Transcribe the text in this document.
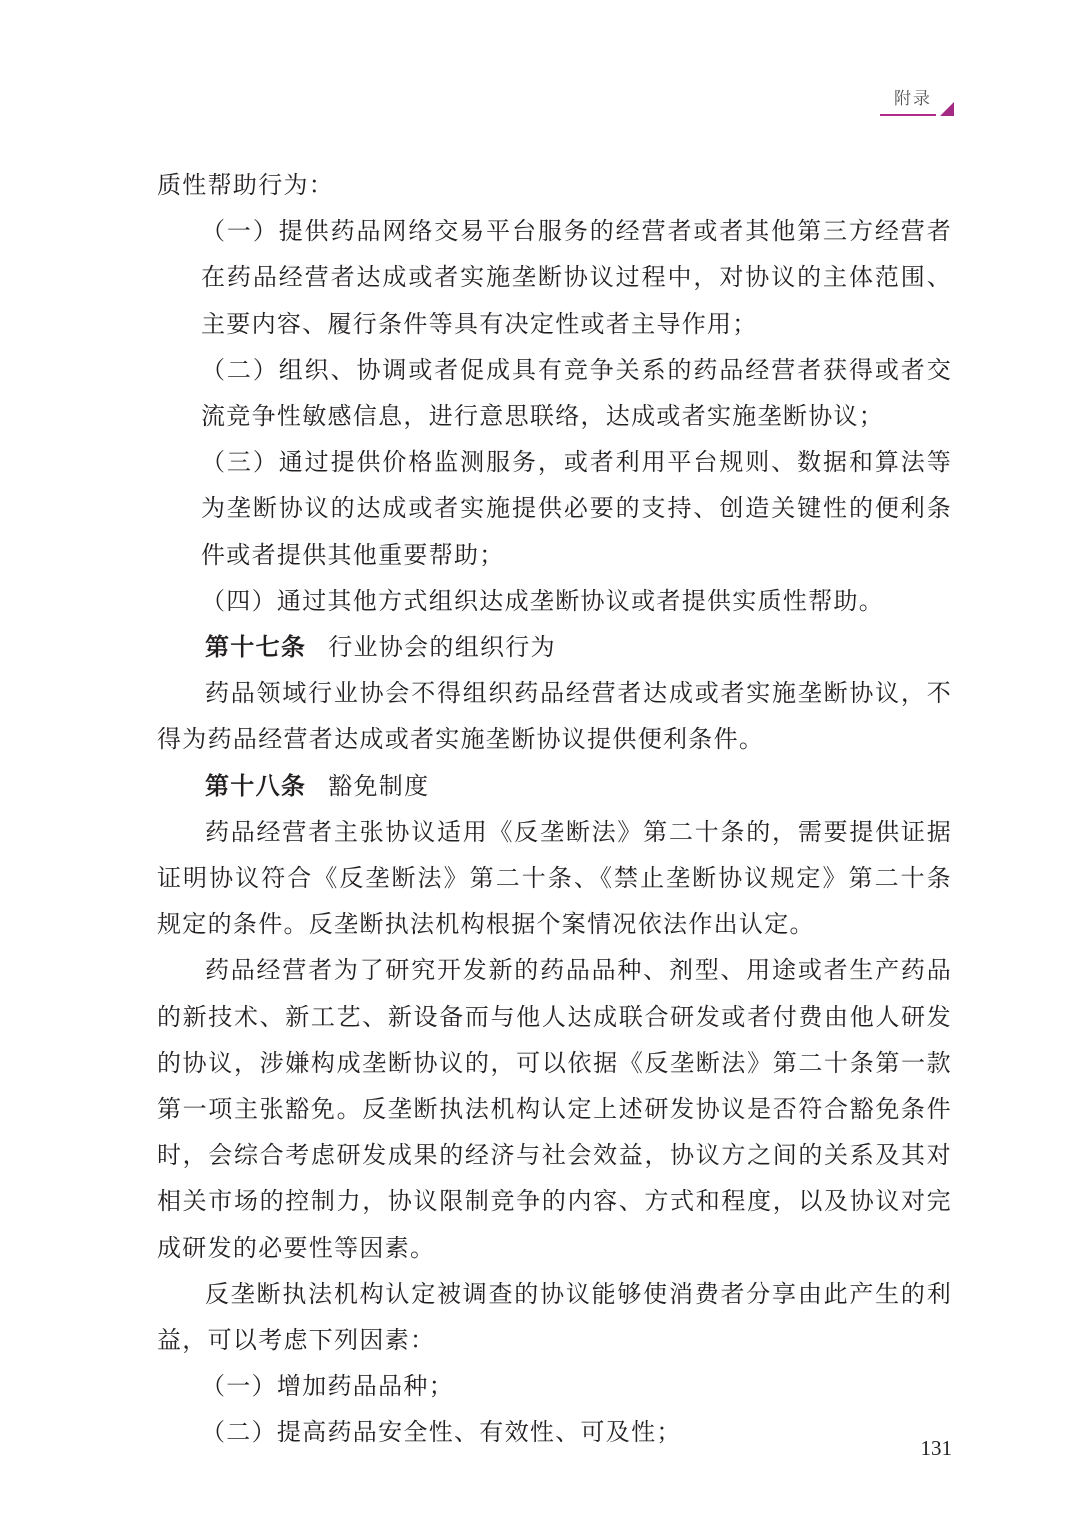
附录

质性帮助行为：

（一）提供药品网络交易平台服务的经营者或者其他第三方经营者在药品经营者达成或者实施垄断协议过程中，对协议的主体范围、主要内容、履行条件等具有决定性或者主导作用；

（二）组织、协调或者促成具有竞争关系的药品经营者获得或者交流竞争性敏感信息，进行意思联络，达成或者实施垄断协议；

（三）通过提供价格监测服务，或者利用平台规则、数据和算法等为垄断协议的达成或者实施提供必要的支持、创造关键性的便利条件或者提供其他重要帮助；

（四）通过其他方式组织达成垄断协议或者提供实质性帮助。

第十七条 行业协会的组织行为

药品领域行业协会不得组织药品经营者达成或者实施垄断协议，不得为药品经营者达成或者实施垄断协议提供便利条件。

第十八条 豁免制度

药品经营者主张协议适用《反垄断法》第二十条的，需要提供证据证明协议符合《反垄断法》第二十条、《禁止垄断协议规定》第二十条规定的条件。反垄断执法机构根据个案情况依法作出认定。

药品经营者为了研究开发新的药品品种、剂型、用途或者生产药品的新技术、新工艺、新设备而与他人达成联合研发或者付费由他人研发的协议，涉嫌构成垄断协议的，可以依据《反垄断法》第二十条第一款第一项主张豁免。反垄断执法机构认定上述研发协议是否符合豁免条件时，会综合考虑研发成果的经济与社会效益，协议方之间的关系及其对相关市场的控制力，协议限制竞争的内容、方式和程度，以及协议对完成研发的必要性等因素。

反垄断执法机构认定被调查的协议能够使消费者分享由此产生的利益，可以考虑下列因素：

（一）增加药品品种；

（二）提高药品安全性、有效性、可及性；

131
